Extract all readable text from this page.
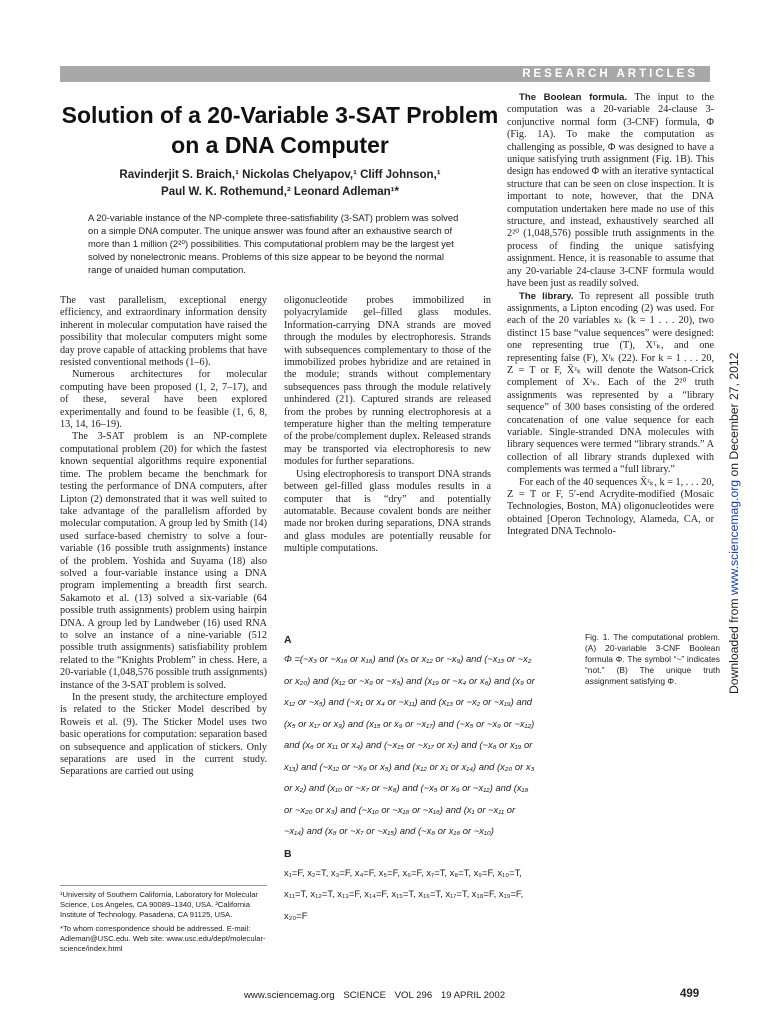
RESEARCH ARTICLES
Solution of a 20-Variable 3-SAT Problem on a DNA Computer
Ravinderjit S. Braich,¹ Nickolas Chelyapov,¹ Cliff Johnson,¹
Paul W. K. Rothemund,² Leonard Adleman¹*
A 20-variable instance of the NP-complete three-satisfiability (3-SAT) problem was solved on a simple DNA computer. The unique answer was found after an exhaustive search of more than 1 million (2²⁰) possibilities. This computational problem may be the largest yet solved by nonelectronic means. Problems of this size appear to be beyond the normal range of unaided human computation.

The vast parallelism, exceptional energy efficiency, and extraordinary information density inherent in molecular computation have raised the possibility that molecular computers might some day prove capable of attacking problems that have resisted conventional methods (1–6).

Numerous architectures for molecular computing have been proposed (1, 2, 7–17), and of these, several have been explored experimentally and found to be feasible (1, 6, 8, 13, 14, 16–19).

The 3-SAT problem is an NP-complete computational problem (20) for which the fastest known sequential algorithms require exponential time. The problem became the benchmark for testing the performance of DNA computers, after Lipton (2) demonstrated that it was well suited to take advantage of the parallelism afforded by molecular computation. A group led by Smith (14) used surface-based chemistry to solve a four-variable (16 possible truth assignments) instance of the problem. Yoshida and Suyama (18) also solved a four-variable instance using a DNA program implementing a breadth first search. Sakamoto et al. (13) solved a six-variable (64 possible truth assignments) problem using hairpin DNA. A group led by Landweber (16) used RNA to solve an instance of a nine-variable (512 possible truth assignments) satisfiability problem related to the “Knights Problem” in chess. Here, a 20-variable (1,048,576 possible truth assignments) instance of the 3-SAT problem is solved.

In the present study, the architecture employed is related to the Sticker Model described by Roweis et al. (9). The Sticker Model uses two basic operations for computation: separation based on subsequence and application of stickers. Only separations are used in the current study. Separations are carried out using

oligonucleotide probes immobilized in polyacrylamide gel–filled glass modules. Information-carrying DNA strands are moved through the modules by electrophoresis. Strands with subsequences complementary to those of the immobilized probes hybridize and are retained in the module; strands without complementary subsequences pass through the module relatively unhindered (21). Captured strands are released from the probes by running electrophoresis at a temperature higher than the melting temperature of the probe/complement duplex. Released strands may be transported via electrophoresis to new modules for further separations.

Using electrophoresis to transport DNA strands between gel-filled glass modules results in a computer that is “dry” and potentially automatable. Because covalent bonds are neither made nor broken during separations, DNA strands and glass modules are potentially reusable for multiple computations.

The Boolean formula. The input to the computation was a 20-variable 24-clause 3-conjunctive normal form (3-CNF) formula, Φ (Fig. 1A). To make the computation as challenging as possible, Φ was designed to have a unique satisfying truth assignment (Fig. 1B). This design has endowed Φ with an iterative syntactical structure that can be seen on close inspection. It is important to note, however, that the DNA computation undertaken here made no use of this structure, and instead, exhaustively searched all 2²⁰ (1,048,576) possible truth assignments in the process of finding the unique satisfying assignment. Hence, it is reasonable to assume that any 20-variable 24-clause 3-CNF formula would have been just as readily solved.

The library. To represent all possible truth assignments, a Lipton encoding (2) was used. For each of the 20 variables xₖ (k = 1 . . . 20), two distinct 15 base “value sequences” were designed: one representing true (T), Xᵀₖ, and one representing false (F), Xᶠₖ (22). For k = 1 . . . 20, Z = T or F, X̄ᶻₖ will denote the Watson-Crick complement of Xᶻₖ. Each of the 2²⁰ truth assignments was represented by a “library sequence” of 300 bases consisting of the ordered concatenation of one value sequence for each variable. Single-stranded DNA molecules with library sequences were termed “library strands.” A collection of all library strands duplexed with complements was termed a “full library.”

For each of the 40 sequences X̄ᶻₖ, k = 1, . . . 20, Z = T or F, 5′-end Acrydite-modified (Mosaic Technologies, Boston, MA) oligonucleotides were obtained [Operon Technology, Alameda, CA, or Integrated DNA Technolo-

¹University of Southern California, Laboratory for Molecular Science, Los Angeles, CA 90089–1340, USA. ²California Institute of Technology, Pasadena, CA 91125, USA.

*To whom correspondence should be addressed. E-mail: Adleman@USC.edu. Web site: www.usc.edu/dept/molecular-science/index.html

A
Φ =(~x₃ or ~x₁₆ or x₁₈) and (x₅ or x₁₂ or ~x₉) and (~x₁₃ or ~x₂
or x₂₀) and (x₁₂ or ~x₉ or ~x₅) and (x₁₉ or ~x₄ or x₆) and (x₉ or
x₁₂ or ~x₅) and (~x₁ or x₄ or ~x₁₁) and (x₁₃ or ~x₂ or ~x₁₉) and
(x₅ or x₁₇ or x₉) and (x₁₅ or x₉ or ~x₁₇) and (~x₅ or ~x₉ or ~x₁₂)
and (x₆ or x₁₁ or x₄) and (~x₁₅ or ~x₁₇ or x₇) and (~x₆ or x₁₉ or
x₁₃) and (~x₁₂ or ~x₉ or x₅) and (x₁₂ or x₁ or x₁₄) and (x₂₀ or x₃
or x₂) and (x₁₀ or ~x₇ or ~x₈) and (~x₅ or x₉ or ~x₁₂) and (x₁₈
or ~x₂₀ or x₃) and (~x₁₀ or ~x₁₈ or ~x₁₆) and (x₁ or ~x₁₁ or
~x₁₄) and (x₈ or ~x₇ or ~x₁₅) and (~x₈ or x₁₆ or ~x₁₀)
B
x₁=F, x₂=T, x₃=F, x₄=F, x₅=F, x₆=F, x₇=T, x₈=T, x₉=F, x₁₀=T,
x₁₁=T, x₁₂=T, x₁₃=F, x₁₄=F, x₁₅=T, x₁₆=T, x₁₇=T, x₁₈=F, x₁₉=F,
x₂₀=F
Fig. 1. The computational problem. (A) 20-variable 3-CNF Boolean formula Φ. The symbol “~” indicates “not.” (B) The unique truth assignment satisfying Φ.	Downloaded from www.sciencemag.org on December 27, 2012
www.sciencemag.org SCIENCE VOL 296 19 APRIL 2002	499
